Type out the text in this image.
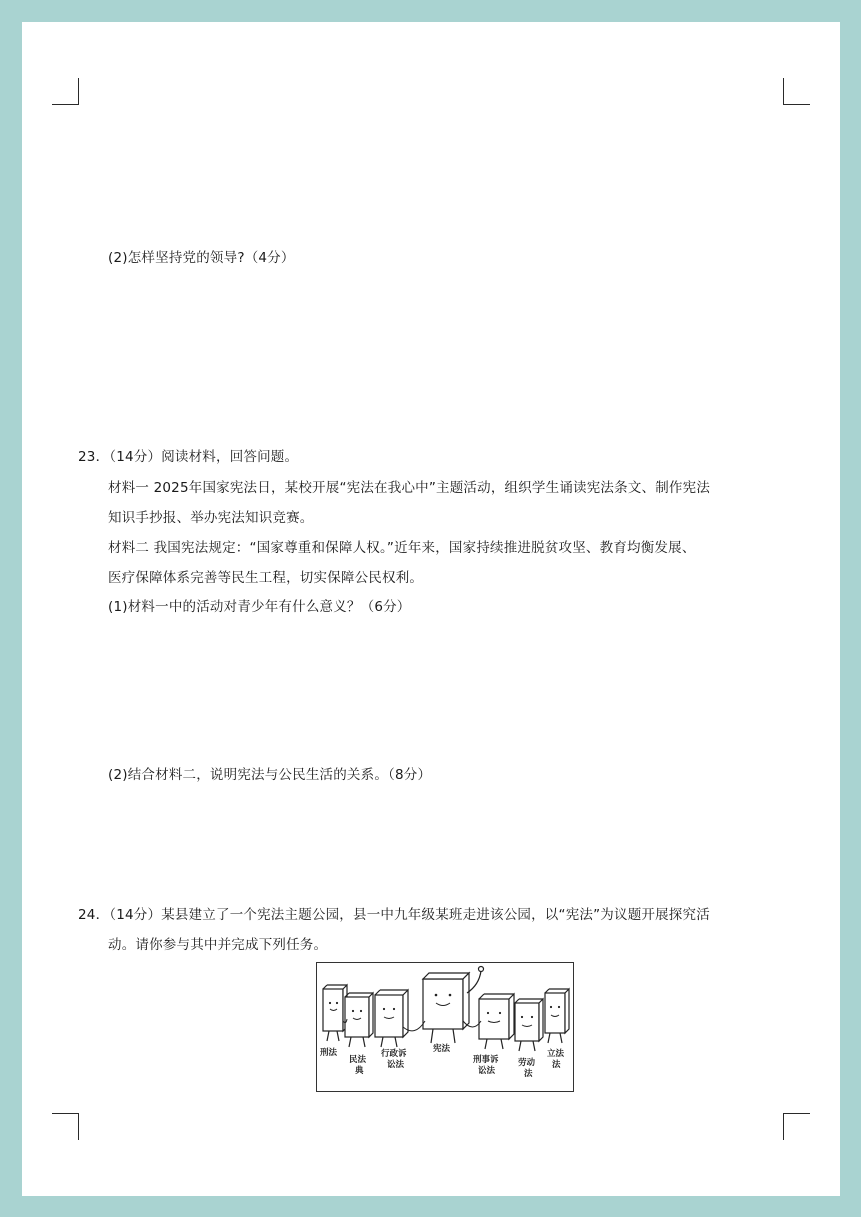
(2)怎样坚持党的领导?（4分）
23．（14分）阅读材料，回答问题。
材料一 2025年国家宪法日，某校开展“宪法在我心中”主题活动，组织学生诵读宪法条文、制作宪法
知识手抄报、举办宪法知识竞赛。
材料二 我国宪法规定：“国家尊重和保障人权。”近年来，国家持续推进脱贫攻坚、教育均衡发展、
医疗保障体系完善等民生工程，切实保障公民权利。
(1)材料一中的活动对青少年有什么意义？（6分）
(2)结合材料二，说明宪法与公民生活的关系。（8分）
24．（14分）某县建立了一个宪法主题公园，县一中九年级某班走进该公园，以“宪法”为议题开展探究活
动。请你参与其中并完成下列任务。
刑法
民法
典
行政诉
讼法
宪法
刑事诉
讼法
劳动
法
立法
法
